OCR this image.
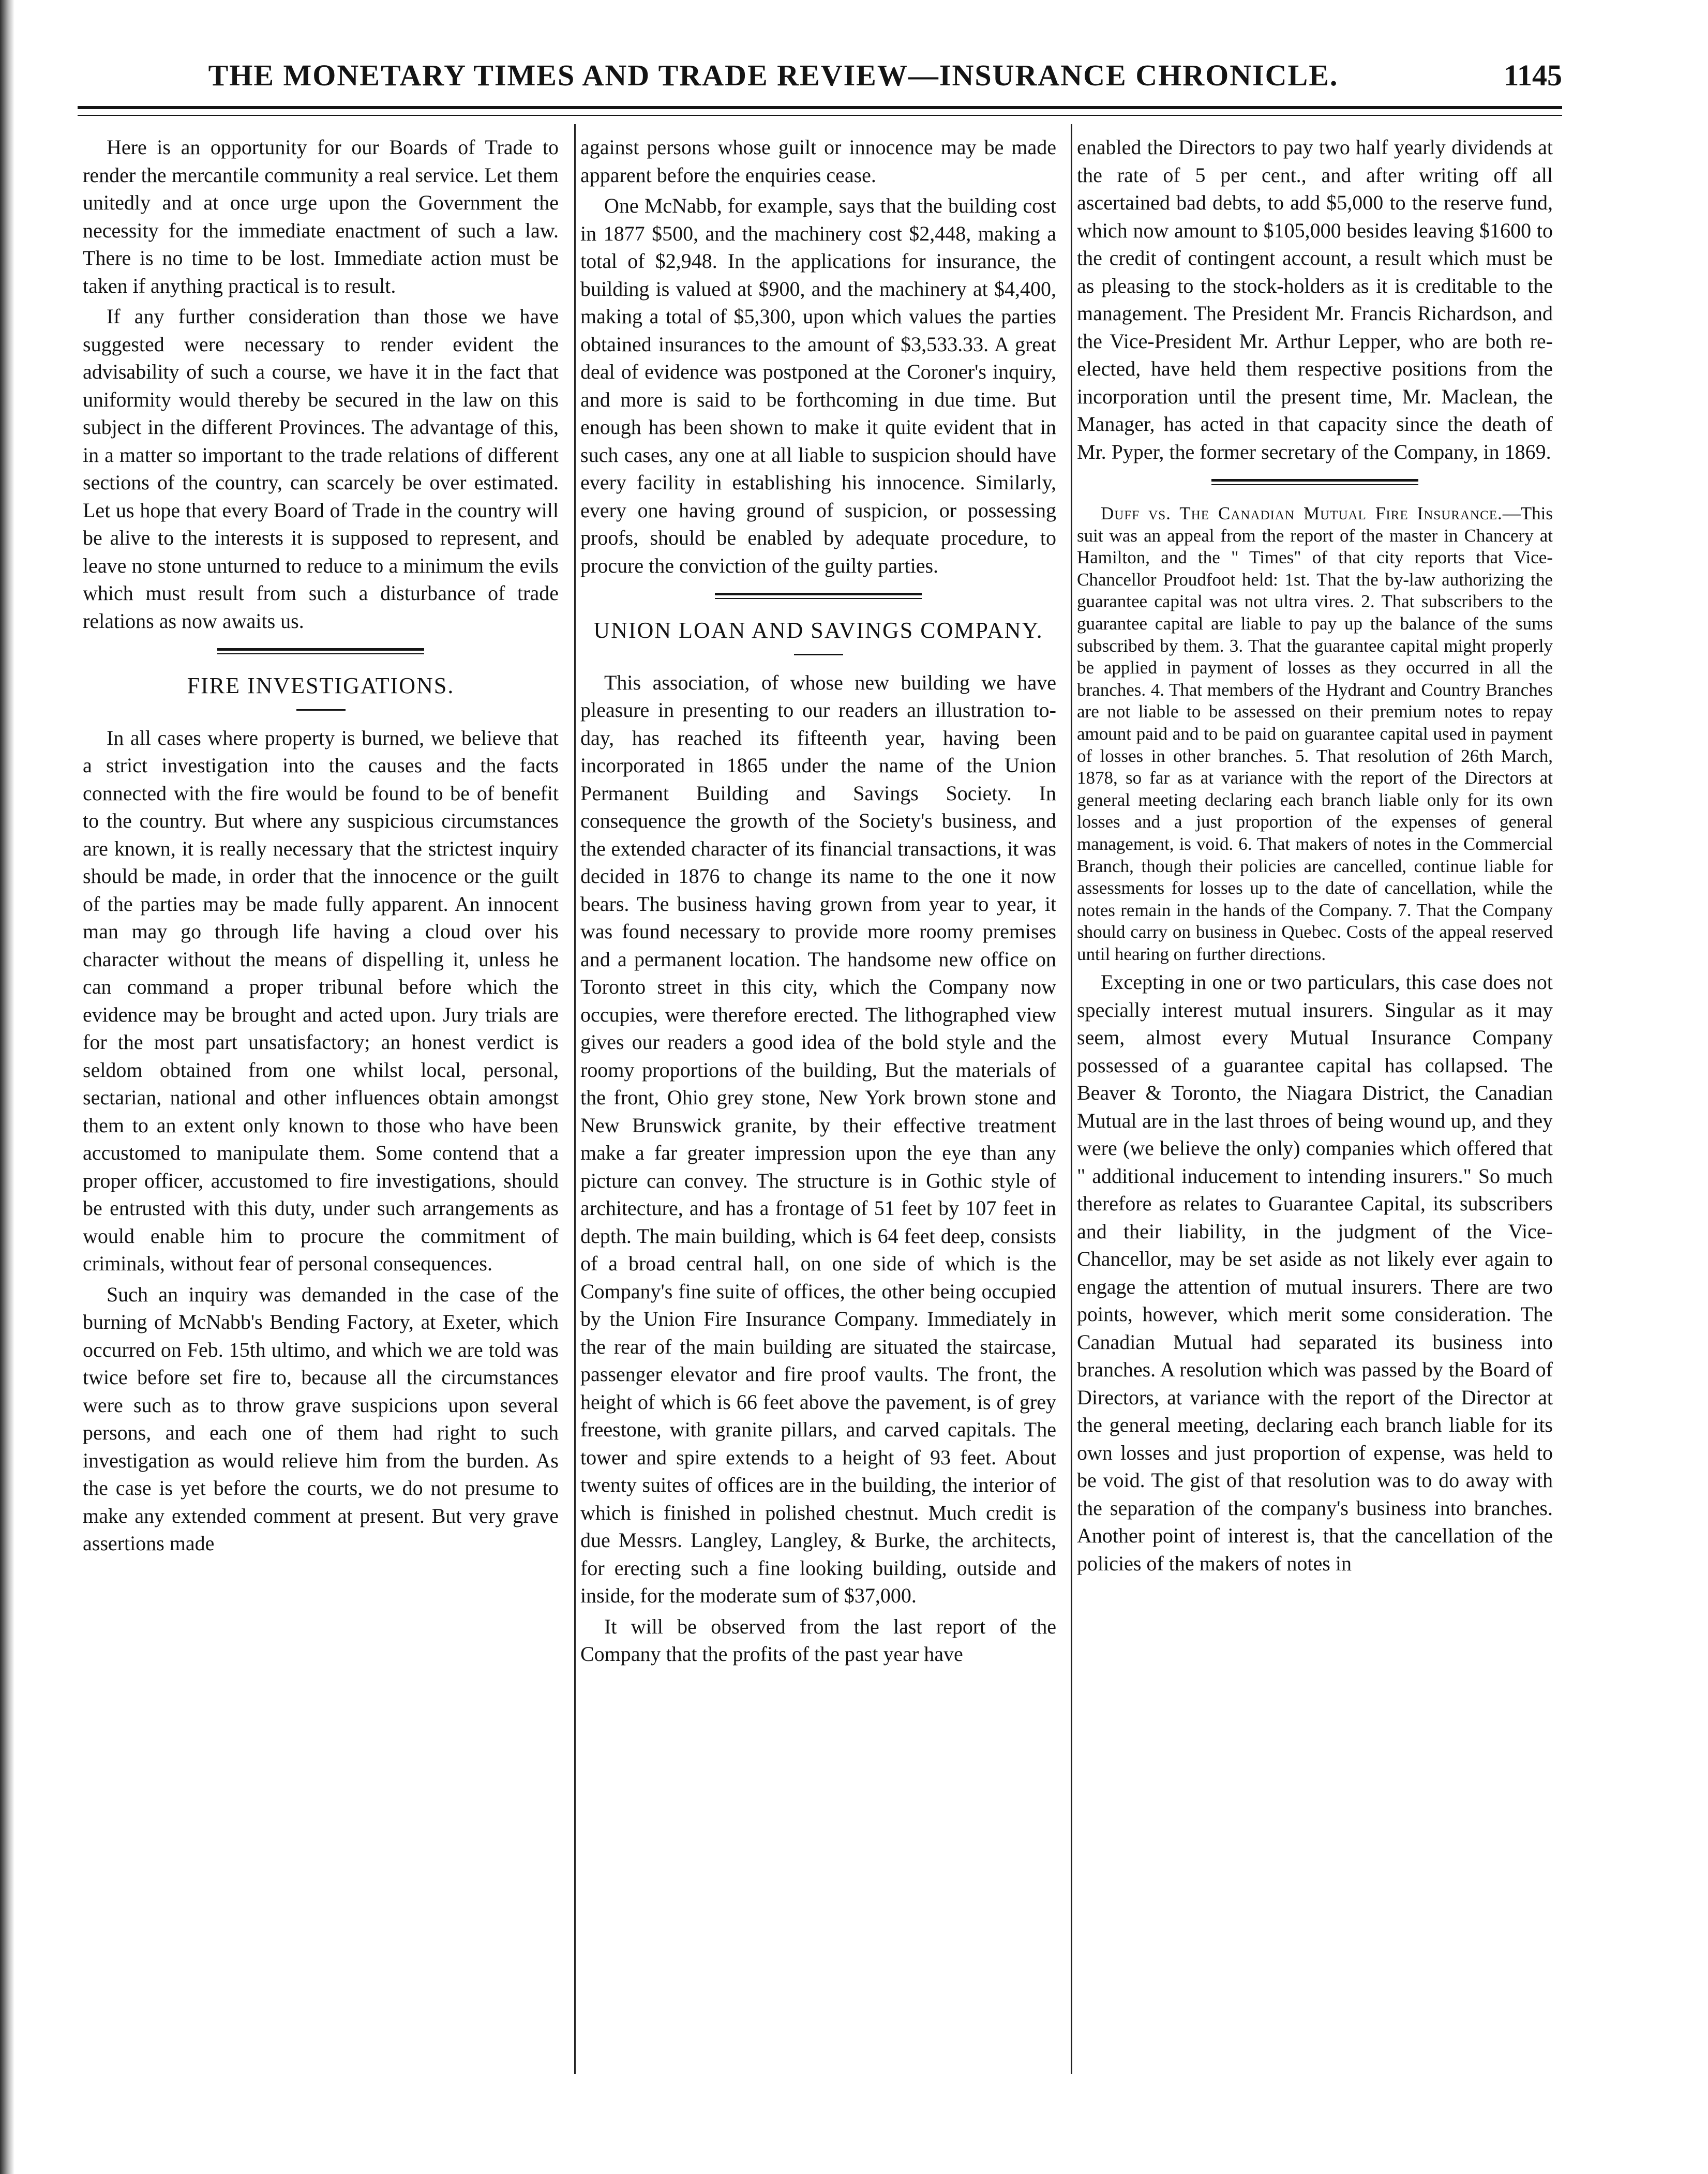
THE MONETARY TIMES AND TRADE REVIEW—INSURANCE CHRONICLE.	1145

Here is an opportunity for our Boards of Trade to render the mercantile community a real service. Let them unitedly and at once urge upon the Government the necessity for the immediate enactment of such a law. There is no time to be lost. Immediate action must be taken if anything practical is to result.

If any further consideration than those we have suggested were necessary to render evident the advisability of such a course, we have it in the fact that uniformity would thereby be secured in the law on this subject in the different Provinces. The advantage of this, in a matter so important to the trade relations of different sections of the country, can scarcely be over estimated. Let us hope that every Board of Trade in the country will be alive to the interests it is supposed to represent, and leave no stone unturned to reduce to a minimum the evils which must result from such a disturbance of trade relations as now awaits us.

FIRE INVESTIGATIONS.

In all cases where property is burned, we believe that a strict investigation into the causes and the facts connected with the fire would be found to be of benefit to the country. But where any suspicious circumstances are known, it is really necessary that the strictest inquiry should be made, in order that the innocence or the guilt of the parties may be made fully apparent. An innocent man may go through life having a cloud over his character without the means of dispelling it, unless he can command a proper tribunal before which the evidence may be brought and acted upon. Jury trials are for the most part unsatisfactory; an honest verdict is seldom obtained from one whilst local, personal, sectarian, national and other influences obtain amongst them to an extent only known to those who have been accustomed to manipulate them. Some contend that a proper officer, accustomed to fire investigations, should be entrusted with this duty, under such arrangements as would enable him to procure the commitment of criminals, without fear of personal consequences.

Such an inquiry was demanded in the case of the burning of McNabb's Bending Factory, at Exeter, which occurred on Feb. 15th ultimo, and which we are told was twice before set fire to, because all the circumstances were such as to throw grave suspicions upon several persons, and each one of them had right to such investigation as would relieve him from the burden. As the case is yet before the courts, we do not presume to make any extended comment at present. But very grave assertions made

against persons whose guilt or innocence may be made apparent before the enquiries cease.

One McNabb, for example, says that the building cost in 1877 $500, and the machinery cost $2,448, making a total of $2,948. In the applications for insurance, the building is valued at $900, and the machinery at $4,400, making a total of $5,300, upon which values the parties obtained insurances to the amount of $3,533.33. A great deal of evidence was postponed at the Coroner's inquiry, and more is said to be forthcoming in due time. But enough has been shown to make it quite evident that in such cases, any one at all liable to suspicion should have every facility in establishing his innocence. Similarly, every one having ground of suspicion, or possessing proofs, should be enabled by adequate procedure, to procure the conviction of the guilty parties.

UNION LOAN AND SAVINGS COMPANY.

This association, of whose new building we have pleasure in presenting to our readers an illustration to-day, has reached its fifteenth year, having been incorporated in 1865 under the name of the Union Permanent Building and Savings Society. In consequence the growth of the Society's business, and the extended character of its financial transactions, it was decided in 1876 to change its name to the one it now bears. The business having grown from year to year, it was found necessary to provide more roomy premises and a permanent location. The handsome new office on Toronto street in this city, which the Company now occupies, were therefore erected. The lithographed view gives our readers a good idea of the bold style and the roomy proportions of the building, But the materials of the front, Ohio grey stone, New York brown stone and New Brunswick granite, by their effective treatment make a far greater impression upon the eye than any picture can convey. The structure is in Gothic style of architecture, and has a frontage of 51 feet by 107 feet in depth. The main building, which is 64 feet deep, consists of a broad central hall, on one side of which is the Company's fine suite of offices, the other being occupied by the Union Fire Insurance Company. Immediately in the rear of the main building are situated the staircase, passenger elevator and fire proof vaults. The front, the height of which is 66 feet above the pavement, is of grey freestone, with granite pillars, and carved capitals. The tower and spire extends to a height of 93 feet. About twenty suites of offices are in the building, the interior of which is finished in polished chestnut. Much credit is due Messrs. Langley, Langley, & Burke, the architects, for erecting such a fine looking building, outside and inside, for the moderate sum of $37,000.

It will be observed from the last report of the Company that the profits of the past year have

enabled the Directors to pay two half yearly dividends at the rate of 5 per cent., and after writing off all ascertained bad debts, to add $5,000 to the reserve fund, which now amount to $105,000 besides leaving $1600 to the credit of contingent account, a result which must be as pleasing to the stock-holders as it is creditable to the management. The President Mr. Francis Richardson, and the Vice-President Mr. Arthur Lepper, who are both re-elected, have held them respective positions from the incorporation until the present time, Mr. Maclean, the Manager, has acted in that capacity since the death of Mr. Pyper, the former secretary of the Company, in 1869.

Duff vs. The Canadian Mutual Fire Insurance.—This suit was an appeal from the report of the master in Chancery at Hamilton, and the " Times" of that city reports that Vice-Chancellor Proudfoot held: 1st. That the by-law authorizing the guarantee capital was not ultra vires. 2. That subscribers to the guarantee capital are liable to pay up the balance of the sums subscribed by them. 3. That the guarantee capital might properly be applied in payment of losses as they occurred in all the branches. 4. That members of the Hydrant and Country Branches are not liable to be assessed on their premium notes to repay amount paid and to be paid on guarantee capital used in payment of losses in other branches. 5. That resolution of 26th March, 1878, so far as at variance with the report of the Directors at general meeting declaring each branch liable only for its own losses and a just proportion of the expenses of general management, is void. 6. That makers of notes in the Commercial Branch, though their policies are cancelled, continue liable for assessments for losses up to the date of cancellation, while the notes remain in the hands of the Company. 7. That the Company should carry on business in Quebec. Costs of the appeal reserved until hearing on further directions.

Excepting in one or two particulars, this case does not specially interest mutual insurers. Singular as it may seem, almost every Mutual Insurance Company possessed of a guarantee capital has collapsed. The Beaver & Toronto, the Niagara District, the Canadian Mutual are in the last throes of being wound up, and they were (we believe the only) companies which offered that " additional inducement to intending insurers." So much therefore as relates to Guarantee Capital, its subscribers and their liability, in the judgment of the Vice-Chancellor, may be set aside as not likely ever again to engage the attention of mutual insurers. There are two points, however, which merit some consideration. The Canadian Mutual had separated its business into branches. A resolution which was passed by the Board of Directors, at variance with the report of the Director at the general meeting, declaring each branch liable for its own losses and just proportion of expense, was held to be void. The gist of that resolution was to do away with the separation of the company's business into branches. Another point of interest is, that the cancellation of the policies of the makers of notes in
